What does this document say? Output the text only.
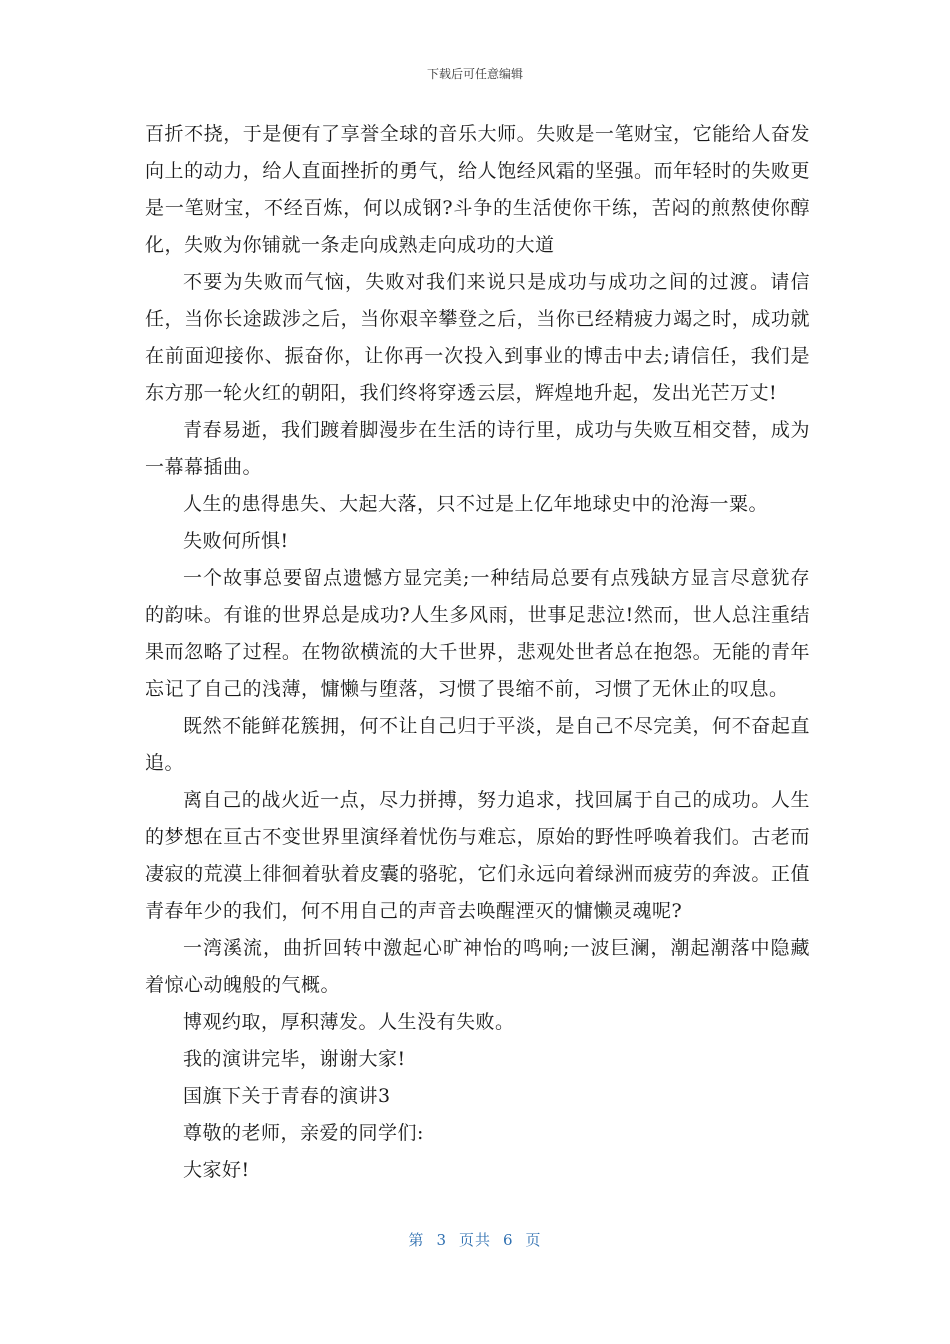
下载后可任意编辑

百折不挠，于是便有了享誉全球的音乐大师。失败是一笔财宝，它能给人奋发向上的动力，给人直面挫折的勇气，给人饱经风霜的坚强。而年轻时的失败更是一笔财宝，不经百炼，何以成钢?斗争的生活使你干练，苦闷的煎熬使你醇化，失败为你铺就一条走向成熟走向成功的大道

不要为失败而气恼，失败对我们来说只是成功与成功之间的过渡。请信任，当你长途跋涉之后，当你艰辛攀登之后，当你已经精疲力竭之时，成功就在前面迎接你、振奋你，让你再一次投入到事业的博击中去;请信任，我们是东方那一轮火红的朝阳，我们终将穿透云层，辉煌地升起，发出光芒万丈!

青春易逝，我们踱着脚漫步在生活的诗行里，成功与失败互相交替，成为一幕幕插曲。

人生的患得患失、大起大落，只不过是上亿年地球史中的沧海一粟。

失败何所惧!

一个故事总要留点遗憾方显完美;一种结局总要有点残缺方显言尽意犹存的韵味。有谁的世界总是成功?人生多风雨，世事足悲泣!然而，世人总注重结果而忽略了过程。在物欲横流的大千世界，悲观处世者总在抱怨。无能的青年忘记了自己的浅薄，慵懒与堕落，习惯了畏缩不前，习惯了无休止的叹息。

既然不能鲜花簇拥，何不让自己归于平淡，是自己不尽完美，何不奋起直追。

离自己的战火近一点，尽力拼搏，努力追求，找回属于自己的成功。人生的梦想在亘古不变世界里演绎着忧伤与难忘，原始的野性呼唤着我们。古老而凄寂的荒漠上徘徊着驮着皮囊的骆驼，它们永远向着绿洲而疲劳的奔波。正值青春年少的我们，何不用自己的声音去唤醒湮灭的慵懒灵魂呢?

一湾溪流，曲折回转中激起心旷神怡的鸣响;一波巨澜，潮起潮落中隐藏着惊心动魄般的气概。

博观约取，厚积薄发。人生没有失败。

我的演讲完毕，谢谢大家!

国旗下关于青春的演讲3

尊敬的老师，亲爱的同学们:

大家好!

第 3 页共 6 页
